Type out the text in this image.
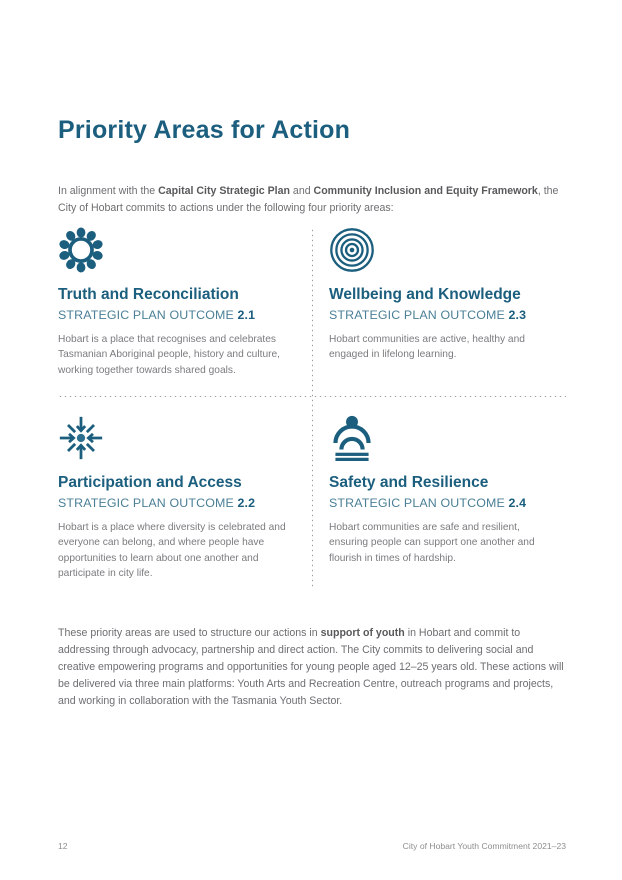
Priority Areas for Action

In alignment with the Capital City Strategic Plan and Community Inclusion and Equity Framework, the City of Hobart commits to actions under the following four priority areas:

Truth and Reconciliation
STRATEGIC PLAN OUTCOME 2.1
Hobart is a place that recognises and celebrates Tasmanian Aboriginal people, history and culture, working together towards shared goals.
Wellbeing and Knowledge
STRATEGIC PLAN OUTCOME 2.3
Hobart communities are active, healthy and engaged in lifelong learning.
Participation and Access
STRATEGIC PLAN OUTCOME 2.2
Hobart is a place where diversity is celebrated and everyone can belong, and where people have opportunities to learn about one another and participate in city life.
Safety and Resilience
STRATEGIC PLAN OUTCOME 2.4
Hobart communities are safe and resilient, ensuring people can support one another and flourish in times of hardship.

These priority areas are used to structure our actions in support of youth in Hobart and commit to addressing through advocacy, partnership and direct action. The City commits to delivering social and creative empowering programs and opportunities for young people aged 12–25 years old. These actions will be delivered via three main platforms: Youth Arts and Recreation Centre, outreach programs and projects, and working in collaboration with the Tasmania Youth Sector.

12	City of Hobart Youth Commitment 2021–23
